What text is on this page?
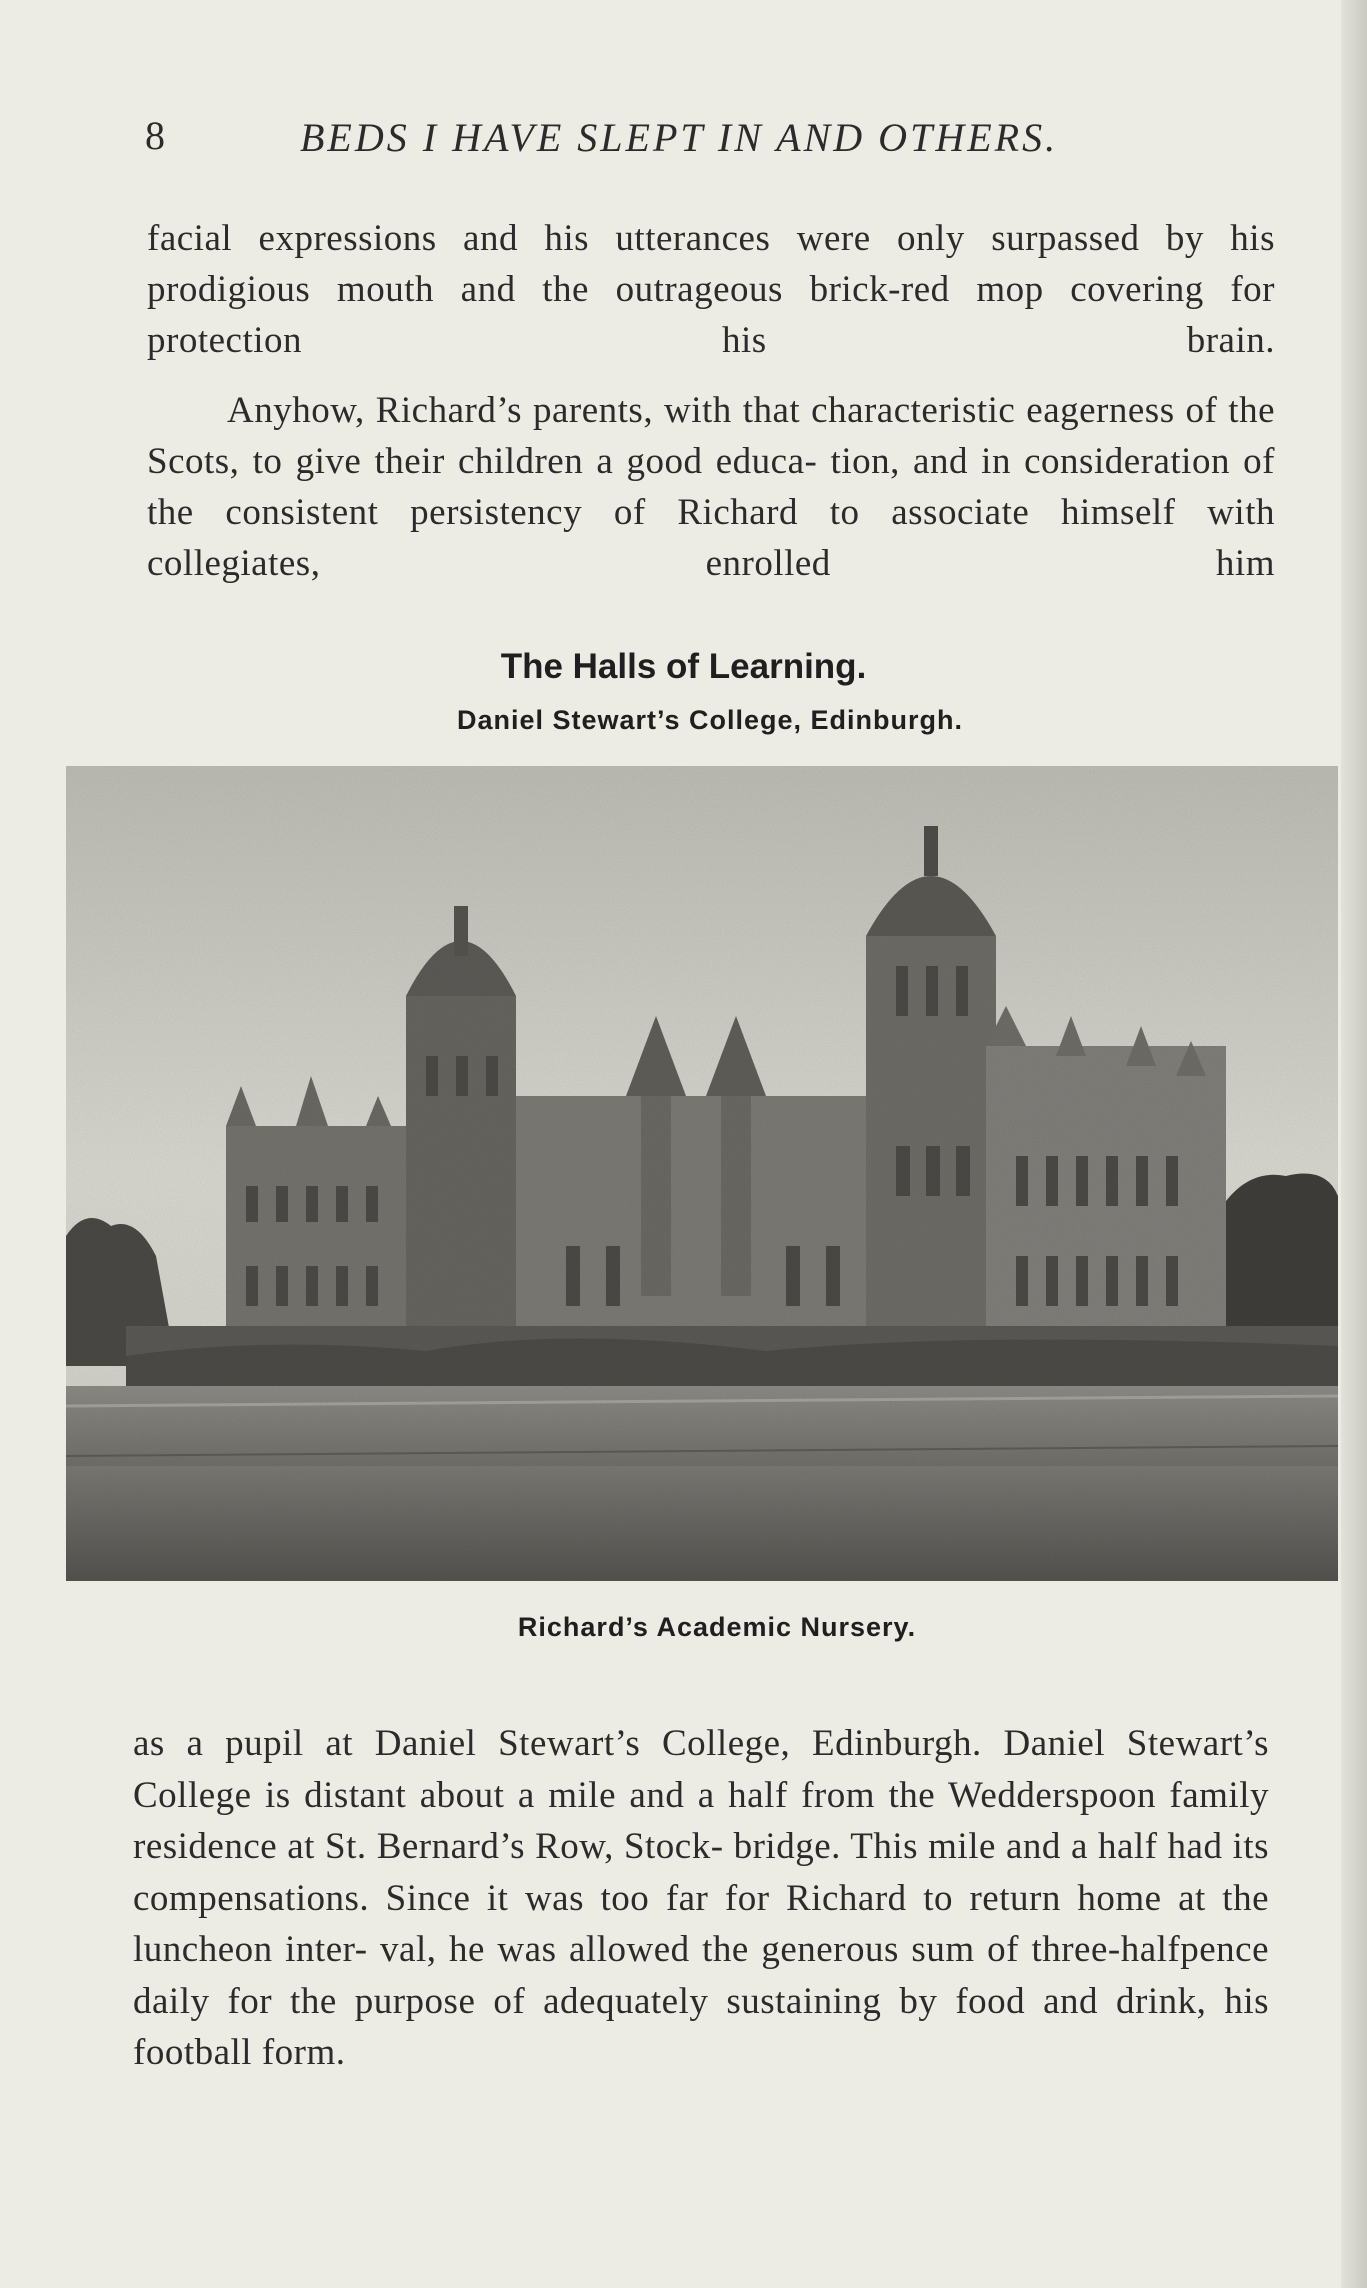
8	BEDS I HAVE SLEPT IN AND OTHERS.

facial expressions and his utterances were only surpassed by his prodigious mouth and the outrageous brick-red mop covering for protection his brain.

Anyhow, Richard’s parents, with that characteristic eagerness of the Scots, to give their children a good educa- tion, and in consideration of the consistent persistency of Richard to associate himself with collegiates, enrolled him

The Halls of Learning.
Daniel Stewart’s College, Edinburgh.
Richard’s Academic Nursery.

as a pupil at Daniel Stewart’s College, Edinburgh. Daniel Stewart’s College is distant about a mile and a half from the Wedderspoon family residence at St. Bernard’s Row, Stock- bridge. This mile and a half had its compensations. Since it was too far for Richard to return home at the luncheon inter- val, he was allowed the generous sum of three-halfpence daily for the purpose of adequately sustaining by food and drink, his football form.
